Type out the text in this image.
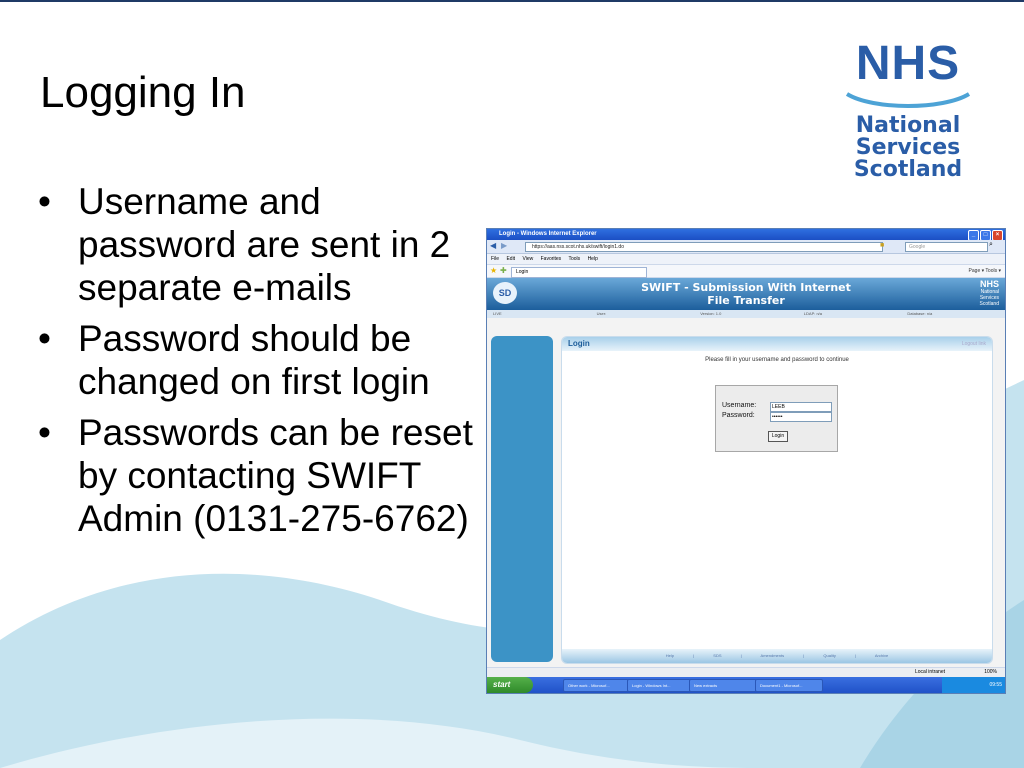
Logging In
• Username and password are sent in 2 separate e-mails
• Password should be changed on first login
• Passwords can be reset by contacting SWIFT Admin (0131-275-6762)
NHS
National
Services
Scotland
Login - Windows Internet Explorer	_	□	×
◀ ▶	https://aas.nss.scot.nhs.uk/swift/login1.do	■	Google	⌕
File Edit View Favorites Tools Help
★ ✚	Login	Page ▾ Tools ▾
SD	SWIFT - Submission With Internet
File Transfer
NHS
National Services Scotland
LIVE	User:	Version: 1.0	LDAP: n/a	Database: n/a
Login	Logout link
Please fill in your username and password to continue
Username:
LEEB
Password:
••••••
Login
Help | SDS | Amendments | Quality | Archive
Local intranet	100%
start	Other work - Microsof...	Login - Windows Int...	New extracts	Document1 - Microsof...	09:55
